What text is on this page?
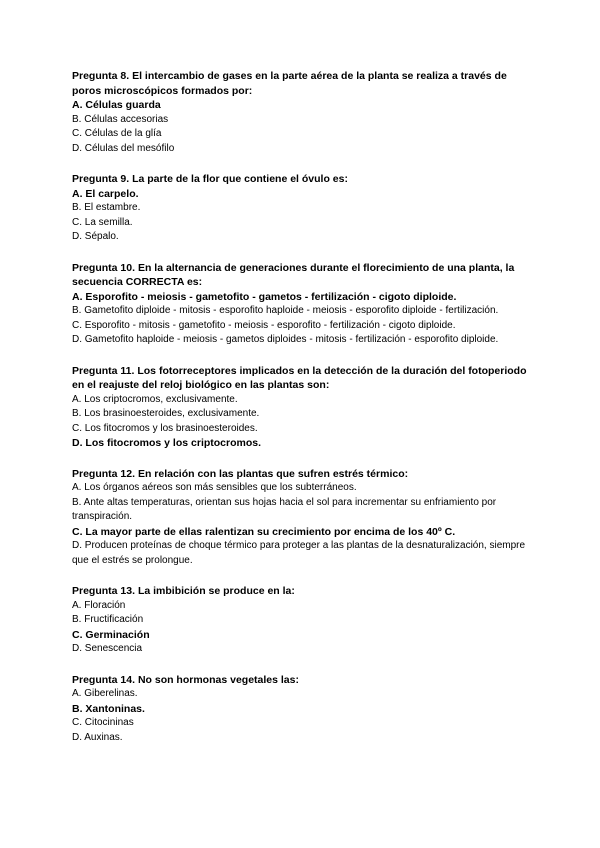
Pregunta 8. El intercambio de gases en la parte aérea de la planta se realiza a través de poros microscópicos formados por:
A. Células guarda
B. Células accesorias
C. Células de la glía
D. Células del mesófilo
Pregunta 9. La parte de la flor que contiene el óvulo es:
A. El carpelo.
B. El estambre.
C. La semilla.
D. Sépalo.
Pregunta 10. En la alternancia de generaciones durante el florecimiento de una planta, la secuencia CORRECTA es:
A. Esporofito - meiosis - gametofito - gametos - fertilización - cigoto diploide.
B. Gametofito diploide - mitosis - esporofito haploide - meiosis - esporofito diploide - fertilización.
C. Esporofito - mitosis - gametofito - meiosis - esporofito - fertilización - cigoto diploide.
D. Gametofito haploide - meiosis - gametos diploides - mitosis - fertilización - esporofito diploide.
Pregunta 11. Los fotorreceptores implicados en la detección de la duración del fotoperiodo en el reajuste del reloj biológico en las plantas son:
A. Los criptocromos, exclusivamente.
B. Los brasinoesteroides, exclusivamente.
C. Los fitocromos y los brasinoesteroides.
D. Los fitocromos y los criptocromos.
Pregunta 12. En relación con las plantas que sufren estrés térmico:
A. Los órganos aéreos son más sensibles que los subterráneos.
B. Ante altas temperaturas, orientan sus hojas hacia el sol para incrementar su enfriamiento por transpiración.
C. La mayor parte de ellas ralentizan su crecimiento por encima de los 40º C.
D. Producen proteínas de choque térmico para proteger a las plantas de la desnaturalización, siempre que el estrés se prolongue.
Pregunta 13. La imbibición se produce en la:
A. Floración
B. Fructificación
C. Germinación
D. Senescencia
Pregunta 14. No son hormonas vegetales las:
A. Giberelinas.
B. Xantoninas.
C. Citocininas
D. Auxinas.
